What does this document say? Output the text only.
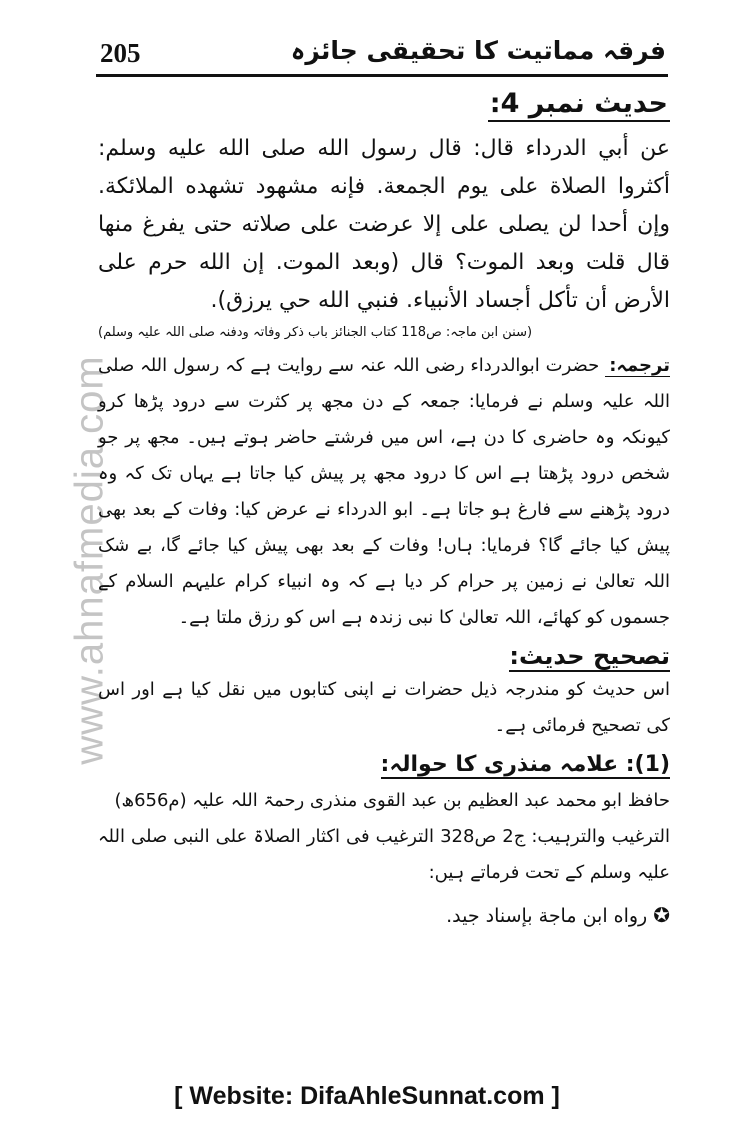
205	فرقہ مماتیت کا تحقیقی جائزہ
www.ahnafmedia.com
حدیث نمبر 4:

عن أبي الدرداء قال: قال رسول الله صلى الله عليه وسلم: أكثروا الصلاة على يوم الجمعة. فإنه مشهود تشهده الملائكة. وإن أحدا لن يصلى على إلا عرضت على صلاته حتى يفرغ منها قال قلت وبعد الموت؟ قال (وبعد الموت. إن الله حرم على الأرض أن تأكل أجساد الأنبياء. فنبي الله حي يرزق).

(سنن ابن ماجہ: ص118 کتاب الجنائز باب ذکر وفاتہ ودفنہ صلی اللہ علیہ وسلم)

ترجمہ: حضرت ابوالدرداء رضی اللہ عنہ سے روایت ہے کہ رسول اللہ صلی اللہ علیہ وسلم نے فرمایا: جمعہ کے دن مجھ پر کثرت سے درود پڑھا کرو کیونکہ وہ حاضری کا دن ہے، اس میں فرشتے حاضر ہوتے ہیں۔ مجھ پر جو شخص درود پڑھتا ہے اس کا درود مجھ پر پیش کیا جاتا ہے یہاں تک کہ وہ درود پڑھنے سے فارغ ہو جاتا ہے۔ ابو الدرداء نے عرض کیا: وفات کے بعد بھی پیش کیا جائے گا؟ فرمایا: ہاں! وفات کے بعد بھی پیش کیا جائے گا، بے شک اللہ تعالیٰ نے زمین پر حرام کر دیا ہے کہ وہ انبیاء کرام علیہم السلام کے جسموں کو کھائے، اللہ تعالیٰ کا نبی زندہ ہے اس کو رزق ملتا ہے۔

تصحیح حدیث:

اس حدیث کو مندرجہ ذیل حضرات نے اپنی کتابوں میں نقل کیا ہے اور اس کی تصحیح فرمائی ہے۔

(1): علامہ منذری کا حوالہ:

حافظ ابو محمد عبد العظیم بن عبد القوی منذری رحمۃ اللہ علیہ (م656ھ)

الترغیب والترہیب: ج2 ص328 الترغیب فی اکثار الصلاۃ علی النبی صلی اللہ علیہ وسلم کے تحت فرماتے ہیں:

✪رواه ابن ماجة بإسناد جيد.
[ Website: DifaAhleSunnat.com ]
